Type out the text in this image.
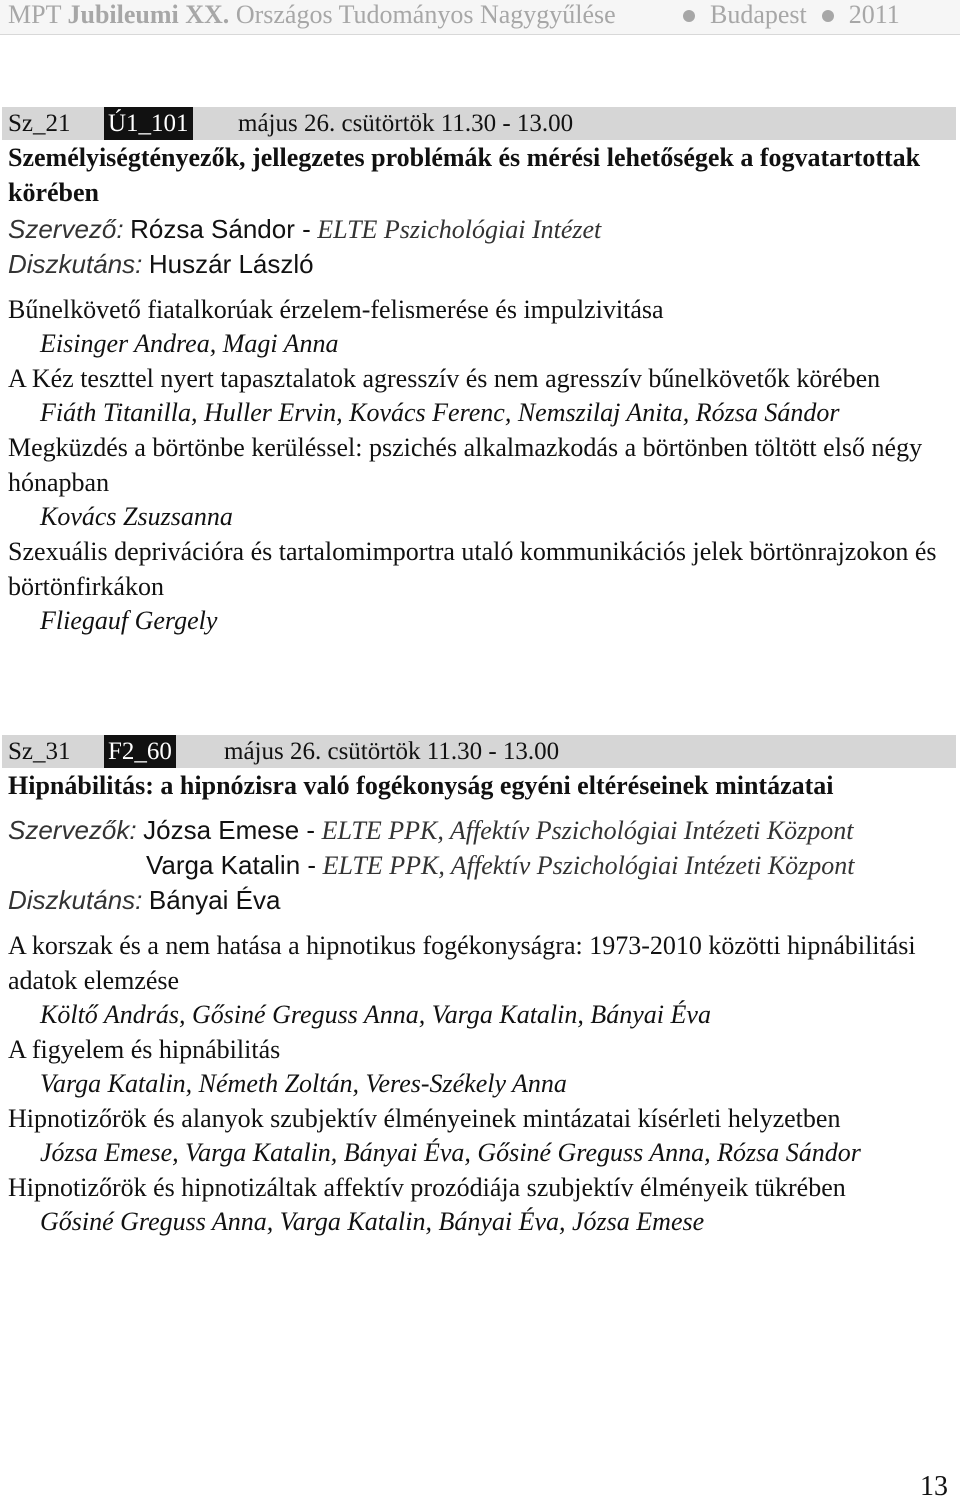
MPT Jubileumi XX. Országos Tudományos Nagygyűlése	Budapest 2011
Sz_21 Ú1_101 május 26. csütörtök 11.30 - 13.00
Személyiségtényezők, jellegzetes problémák és mérési lehetőségek a fogvatartottak körében
Szervező: Rózsa Sándor - ELTE Pszichológiai Intézet
Diszkutáns: Huszár László
Bűnelkövető fiatalkorúak érzelem-felismerése és impulzivitása
Eisinger Andrea, Magi Anna
A Kéz teszttel nyert tapasztalatok agresszív és nem agresszív bűnelkövetők körében
Fiáth Titanilla, Huller Ervin, Kovács Ferenc, Nemszilaj Anita, Rózsa Sándor
Megküzdés a börtönbe kerüléssel: pszichés alkalmazkodás a börtönben töltött első négy hónapban
Kovács Zsuzsanna
Szexuális deprivációra és tartalomimportra utaló kommunikációs jelek börtönrajzokon és börtönfirkákon
Fliegauf Gergely
Sz_31 F2_60 május 26. csütörtök 11.30 - 13.00
Hipnábilitás: a hipnózisra való fogékonyság egyéni eltéréseinek mintázatai
Szervezők: Józsa Emese - ELTE PPK, Affektív Pszichológiai Intézeti Központ
Varga Katalin - ELTE PPK, Affektív Pszichológiai Intézeti Központ
Diszkutáns: Bányai Éva
A korszak és a nem hatása a hipnotikus fogékonyságra: 1973-2010 közötti hipnábilitási adatok elemzése
Költő András, Gősiné Greguss Anna, Varga Katalin, Bányai Éva
A figyelem és hipnábilitás
Varga Katalin, Németh Zoltán, Veres-Székely Anna
Hipnotizőrök és alanyok szubjektív élményeinek mintázatai kísérleti helyzetben
Józsa Emese, Varga Katalin, Bányai Éva, Gősiné Greguss Anna, Rózsa Sándor
Hipnotizőrök és hipnotizáltak affektív prozódiája szubjektív élményeik tükrében
Gősiné Greguss Anna, Varga Katalin, Bányai Éva, Józsa Emese
13
